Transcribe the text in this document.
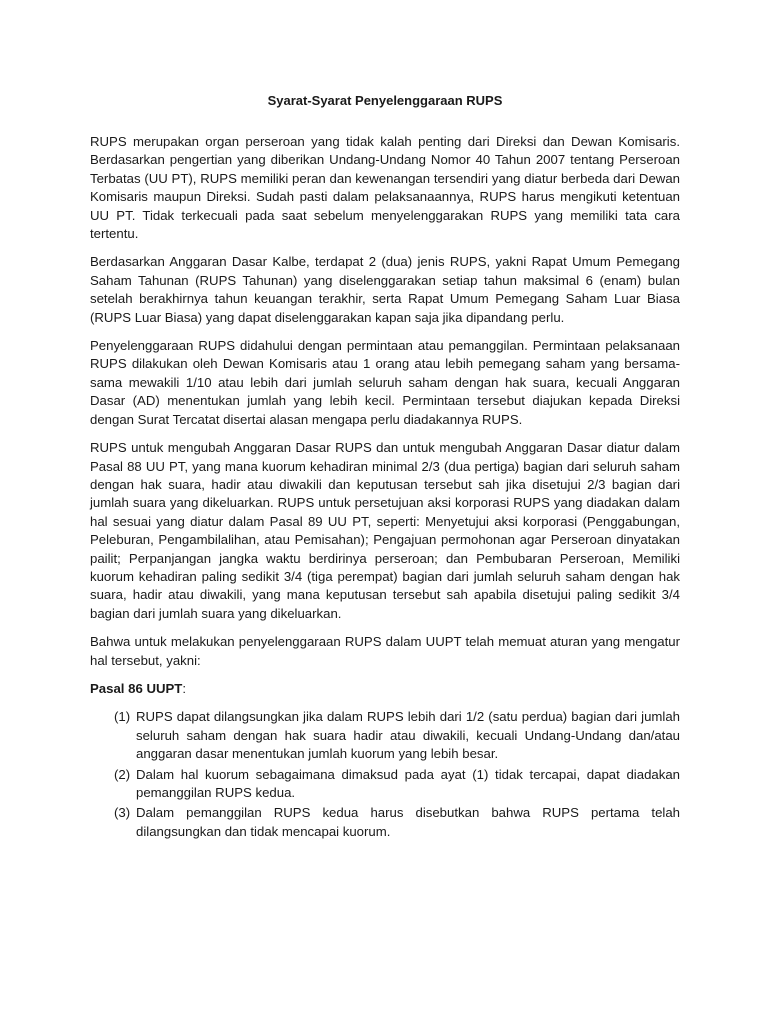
Syarat-Syarat Penyelenggaraan RUPS

RUPS merupakan organ perseroan yang tidak kalah penting dari Direksi dan Dewan Komisaris. Berdasarkan pengertian yang diberikan Undang-Undang Nomor 40 Tahun 2007 tentang Perseroan Terbatas (UU PT), RUPS memiliki peran dan kewenangan tersendiri yang diatur berbeda dari Dewan Komisaris maupun Direksi. Sudah pasti dalam pelaksanaannya, RUPS harus mengikuti ketentuan UU PT. Tidak terkecuali pada saat sebelum menyelenggarakan RUPS yang memiliki tata cara tertentu.

Berdasarkan Anggaran Dasar Kalbe, terdapat 2 (dua) jenis RUPS, yakni Rapat Umum Pemegang Saham Tahunan (RUPS Tahunan) yang diselenggarakan setiap tahun maksimal 6 (enam) bulan setelah berakhirnya tahun keuangan terakhir, serta Rapat Umum Pemegang Saham Luar Biasa (RUPS Luar Biasa) yang dapat diselenggarakan kapan saja jika dipandang perlu.

Penyelenggaraan RUPS didahului dengan permintaan atau pemanggilan. Permintaan pelaksanaan RUPS dilakukan oleh Dewan Komisaris atau 1 orang atau lebih pemegang saham yang bersama-sama mewakili 1/10 atau lebih dari jumlah seluruh saham dengan hak suara, kecuali Anggaran Dasar (AD) menentukan jumlah yang lebih kecil. Permintaan tersebut diajukan kepada Direksi dengan Surat Tercatat disertai alasan mengapa perlu diadakannya RUPS.

RUPS untuk mengubah Anggaran Dasar RUPS dan untuk mengubah Anggaran Dasar diatur dalam Pasal 88 UU PT, yang mana kuorum kehadiran minimal 2/3 (dua pertiga) bagian dari seluruh saham dengan hak suara, hadir atau diwakili dan keputusan tersebut sah jika disetujui 2/3 bagian dari jumlah suara yang dikeluarkan. RUPS untuk persetujuan aksi korporasi RUPS yang diadakan dalam hal sesuai yang diatur dalam Pasal 89 UU PT, seperti: Menyetujui aksi korporasi (Penggabungan, Peleburan, Pengambilalihan, atau Pemisahan); Pengajuan permohonan agar Perseroan dinyatakan pailit; Perpanjangan jangka waktu berdirinya perseroan; dan Pembubaran Perseroan, Memiliki kuorum kehadiran paling sedikit 3/4 (tiga perempat) bagian dari jumlah seluruh saham dengan hak suara, hadir atau diwakili, yang mana keputusan tersebut sah apabila disetujui paling sedikit 3/4 bagian dari jumlah suara yang dikeluarkan.

Bahwa untuk melakukan penyelenggaraan RUPS dalam UUPT telah memuat aturan yang mengatur hal tersebut, yakni:

Pasal 86 UUPT:
(1) RUPS dapat dilangsungkan jika dalam RUPS lebih dari 1/2 (satu perdua) bagian dari jumlah seluruh saham dengan hak suara hadir atau diwakili, kecuali Undang-Undang dan/atau anggaran dasar menentukan jumlah kuorum yang lebih besar.
(2) Dalam hal kuorum sebagaimana dimaksud pada ayat (1) tidak tercapai, dapat diadakan pemanggilan RUPS kedua.
(3) Dalam pemanggilan RUPS kedua harus disebutkan bahwa RUPS pertama telah dilangsungkan dan tidak mencapai kuorum.
